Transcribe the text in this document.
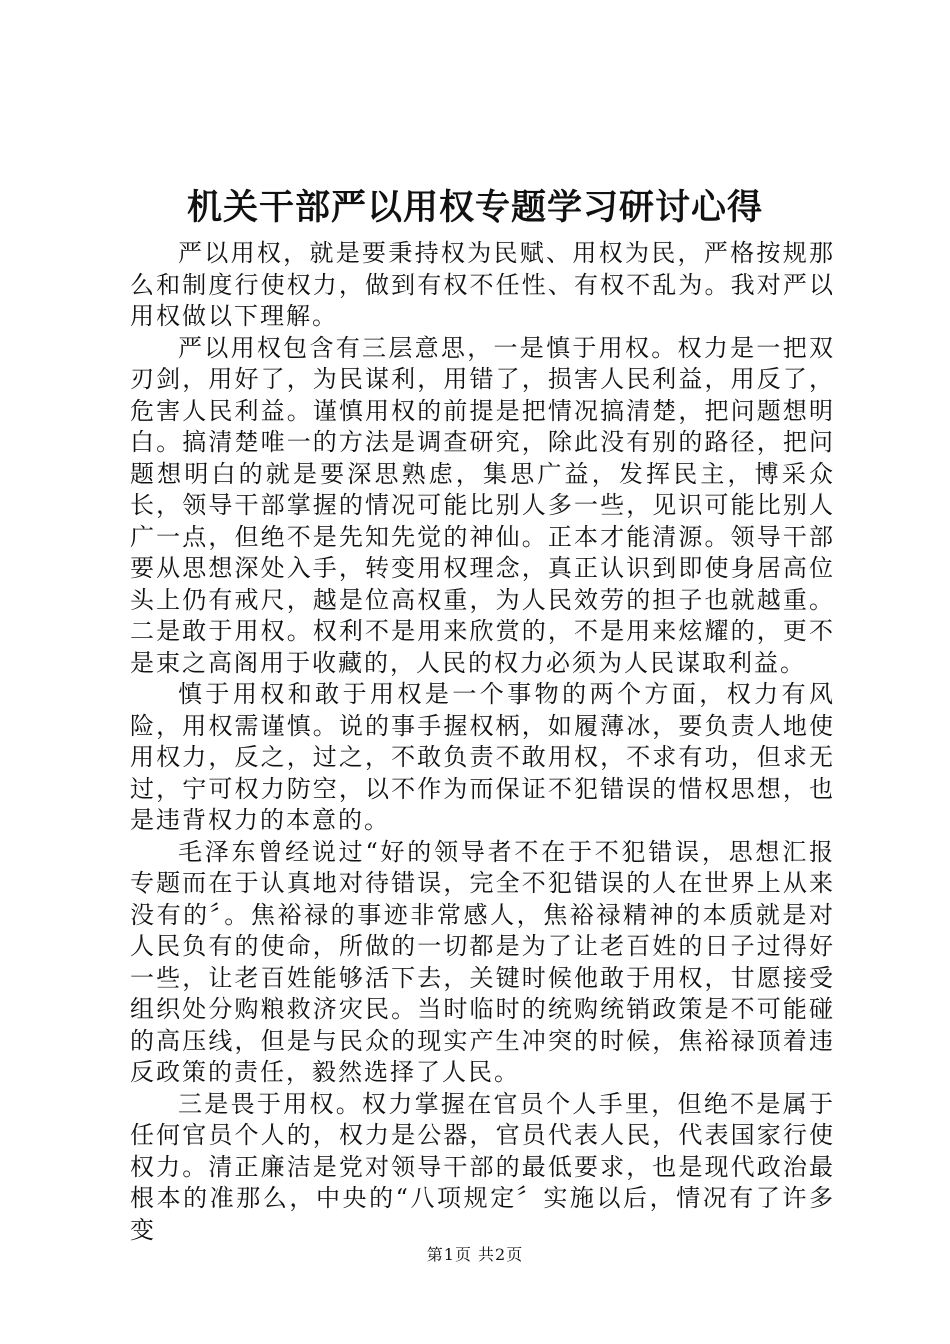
机关干部严以用权专题学习研讨心得

严以用权，就是要秉持权为民赋、用权为民，严格按规那么和制度行使权力，做到有权不任性、有权不乱为。我对严以用权做以下理解。

严以用权包含有三层意思，一是慎于用权。权力是一把双刃剑，用好了，为民谋利，用错了，损害人民利益，用反了，危害人民利益。谨慎用权的前提是把情况搞清楚，把问题想明白。搞清楚唯一的方法是调查研究，除此没有别的路径，把问题想明白的就是要深思熟虑，集思广益，发挥民主，博采众长，领导干部掌握的情况可能比别人多一些，见识可能比别人广一点，但绝不是先知先觉的神仙。正本才能清源。领导干部要从思想深处入手，转变用权理念，真正认识到即使身居高位头上仍有戒尺，越是位高权重，为人民效劳的担子也就越重。二是敢于用权。权利不是用来欣赏的，不是用来炫耀的，更不是束之高阁用于收藏的，人民的权力必须为人民谋取利益。

慎于用权和敢于用权是一个事物的两个方面，权力有风险，用权需谨慎。说的事手握权柄，如履薄冰，要负责人地使用权力，反之，过之，不敢负责不敢用权，不求有功，但求无过，宁可权力防空，以不作为而保证不犯错误的惜权思想，也是违背权力的本意的。

毛泽东曾经说过“好的领导者不在于不犯错误，思想汇报专题而在于认真地对待错误，完全不犯错误的人在世界上从来没有的〞。焦裕禄的事迹非常感人，焦裕禄精神的本质就是对人民负有的使命，所做的一切都是为了让老百姓的日子过得好一些，让老百姓能够活下去，关键时候他敢于用权，甘愿接受组织处分购粮救济灾民。当时临时的统购统销政策是不可能碰的高压线，但是与民众的现实产生冲突的时候，焦裕禄顶着违反政策的责任，毅然选择了人民。

三是畏于用权。权力掌握在官员个人手里，但绝不是属于任何官员个人的，权力是公器，官员代表人民，代表国家行使权力。清正廉洁是党对领导干部的最低要求，也是现代政治最根本的准那么，中央的“八项规定〞实施以后，情况有了许多变

第1页 共2页
